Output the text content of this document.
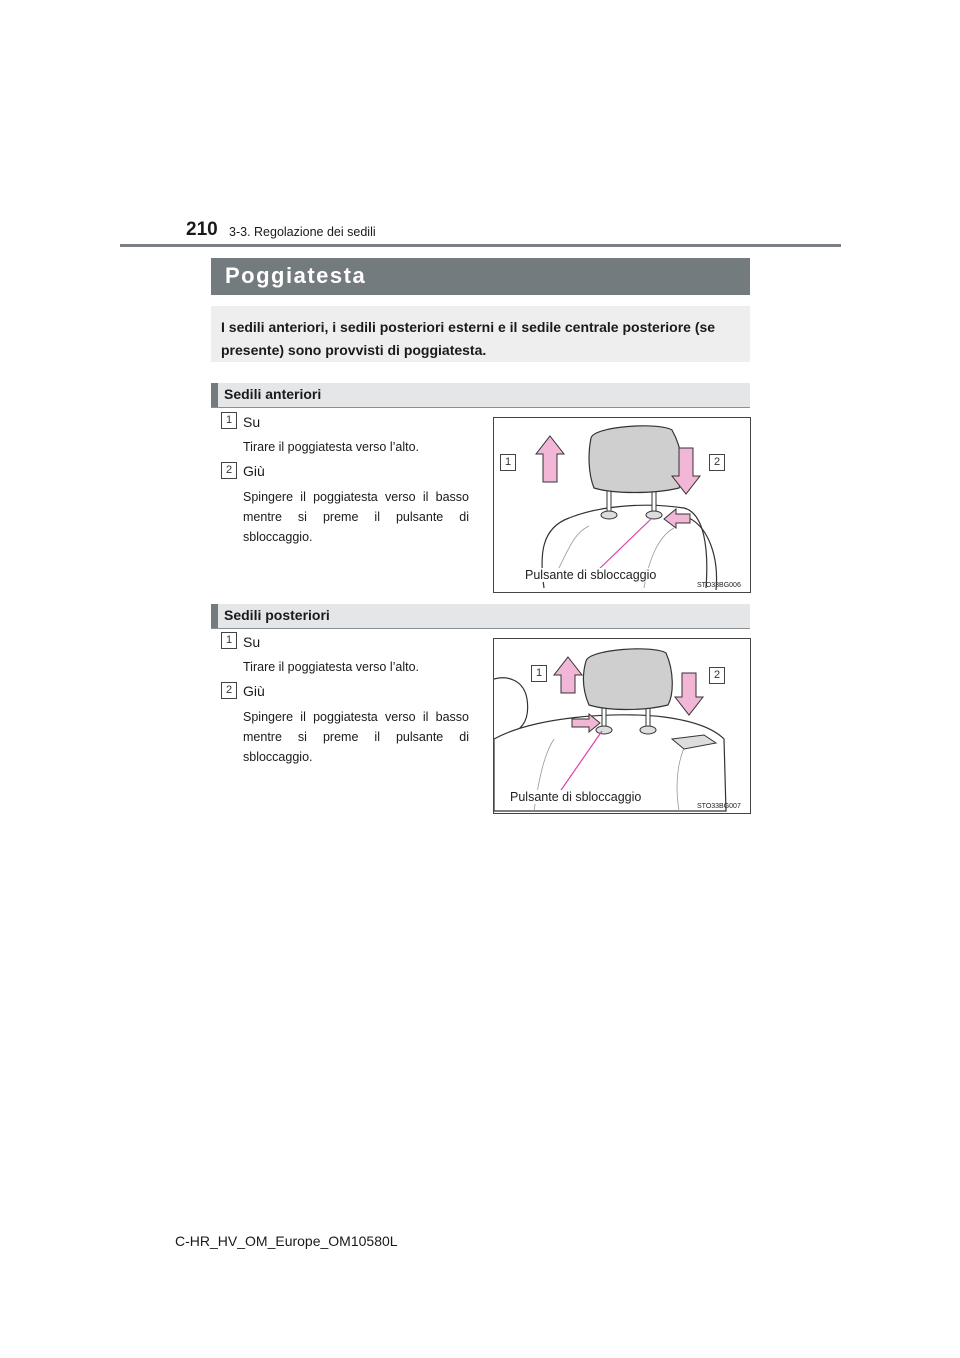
210 3-3. Regolazione dei sedili
Poggiatesta
I sedili anteriori, i sedili posteriori esterni e il sedile centrale posteriore (se presente) sono provvisti di poggiatesta.
Sedili anteriori
1 Su
Tirare il poggiatesta verso l’alto.
2 Giù
Spingere il poggiatesta verso il basso
mentre si preme il pulsante di
sbloccaggio.
1	2
Pulsante di sbloccaggio
STO33BG006
Sedili posteriori
1 Su
Tirare il poggiatesta verso l’alto.
2 Giù
Spingere il poggiatesta verso il basso
mentre si preme il pulsante di
sbloccaggio.
1	2
Pulsante di sbloccaggio
STO33BG007
C-HR_HV_OM_Europe_OM10580L
